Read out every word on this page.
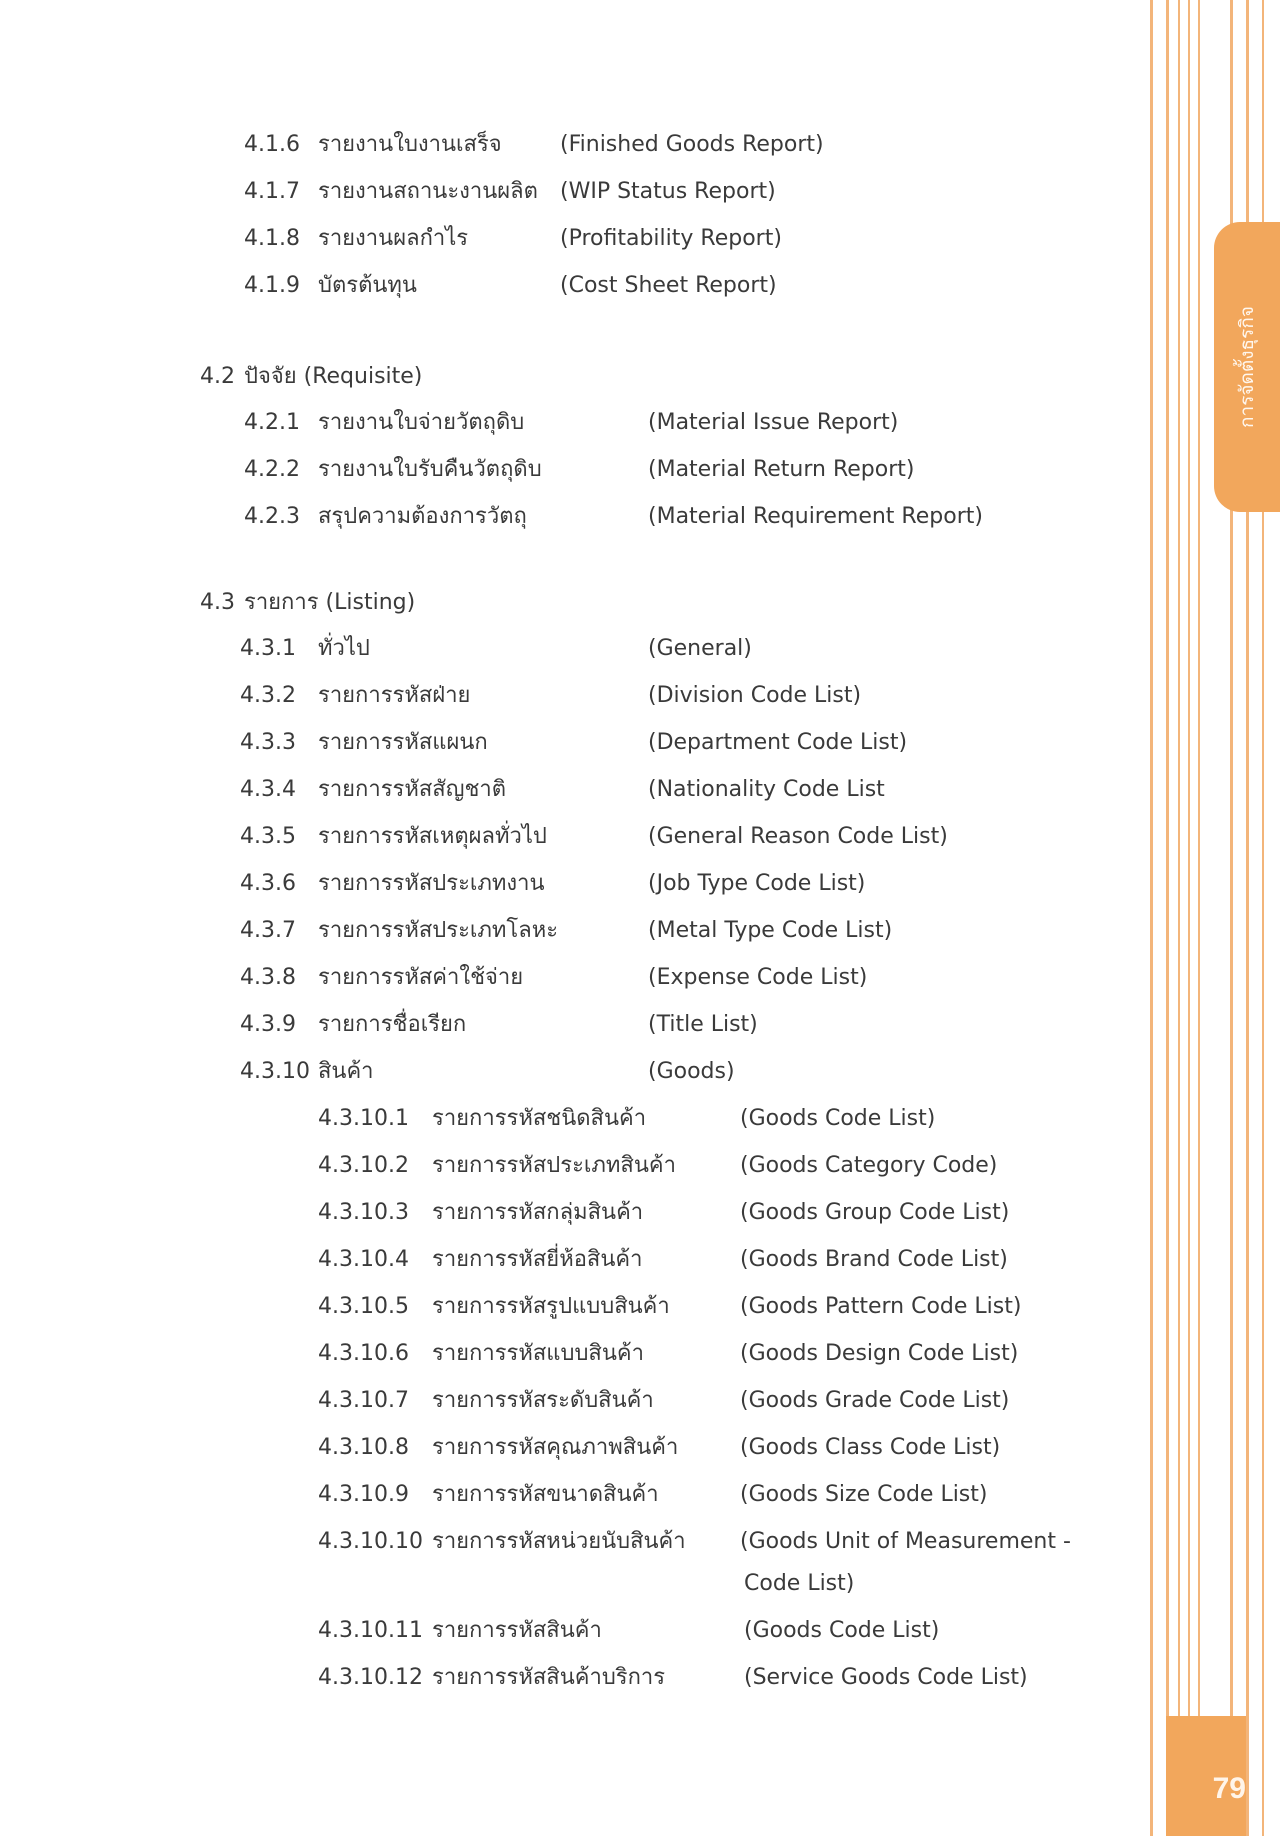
การจัดตั้งธุรกิจ
79
4.1.6 รายงานใบงานเสร็จ	(Finished Goods Report)
4.1.7 รายงานสถานะงานผลิต (WIP Status Report)
4.1.8 รายงานผลกำไร	(Profitability Report)
4.1.9 บัตรต้นทุน	(Cost Sheet Report)
4.2 ปัจจัย (Requisite)
4.2.1 รายงานใบจ่ายวัตถุดิบ	(Material Issue Report)
4.2.2 รายงานใบรับคืนวัตถุดิบ	(Material Return Report)
4.2.3 สรุปความต้องการวัตถุ	(Material Requirement Report)
4.3 รายการ (Listing)
4.3.1 ทั่วไป	(General)
4.3.2 รายการรหัสฝ่าย	(Division Code List)
4.3.3 รายการรหัสแผนก	(Department Code List)
4.3.4 รายการรหัสสัญชาติ	(Nationality Code List
4.3.5 รายการรหัสเหตุผลทั่วไป	(General Reason Code List)
4.3.6 รายการรหัสประเภทงาน	(Job Type Code List)
4.3.7 รายการรหัสประเภทโลหะ	(Metal Type Code List)
4.3.8 รายการรหัสค่าใช้จ่าย	(Expense Code List)
4.3.9 รายการชื่อเรียก	(Title List)
4.3.10 สินค้า	(Goods)
4.3.10.1 รายการรหัสชนิดสินค้า	(Goods Code List)
4.3.10.2 รายการรหัสประเภทสินค้า	(Goods Category Code)
4.3.10.3 รายการรหัสกลุ่มสินค้า	(Goods Group Code List)
4.3.10.4 รายการรหัสยี่ห้อสินค้า	(Goods Brand Code List)
4.3.10.5 รายการรหัสรูปแบบสินค้า	(Goods Pattern Code List)
4.3.10.6 รายการรหัสแบบสินค้า	(Goods Design Code List)
4.3.10.7 รายการรหัสระดับสินค้า	(Goods Grade Code List)
4.3.10.8 รายการรหัสคุณภาพสินค้า	(Goods Class Code List)
4.3.10.9 รายการรหัสขนาดสินค้า	(Goods Size Code List)
4.3.10.10 รายการรหัสหน่วยนับสินค้า (Goods Unit of Measurement -
Code List)
4.3.10.11 รายการรหัสสินค้า	(Goods Code List)
4.3.10.12 รายการรหัสสินค้าบริการ	(Service Goods Code List)
